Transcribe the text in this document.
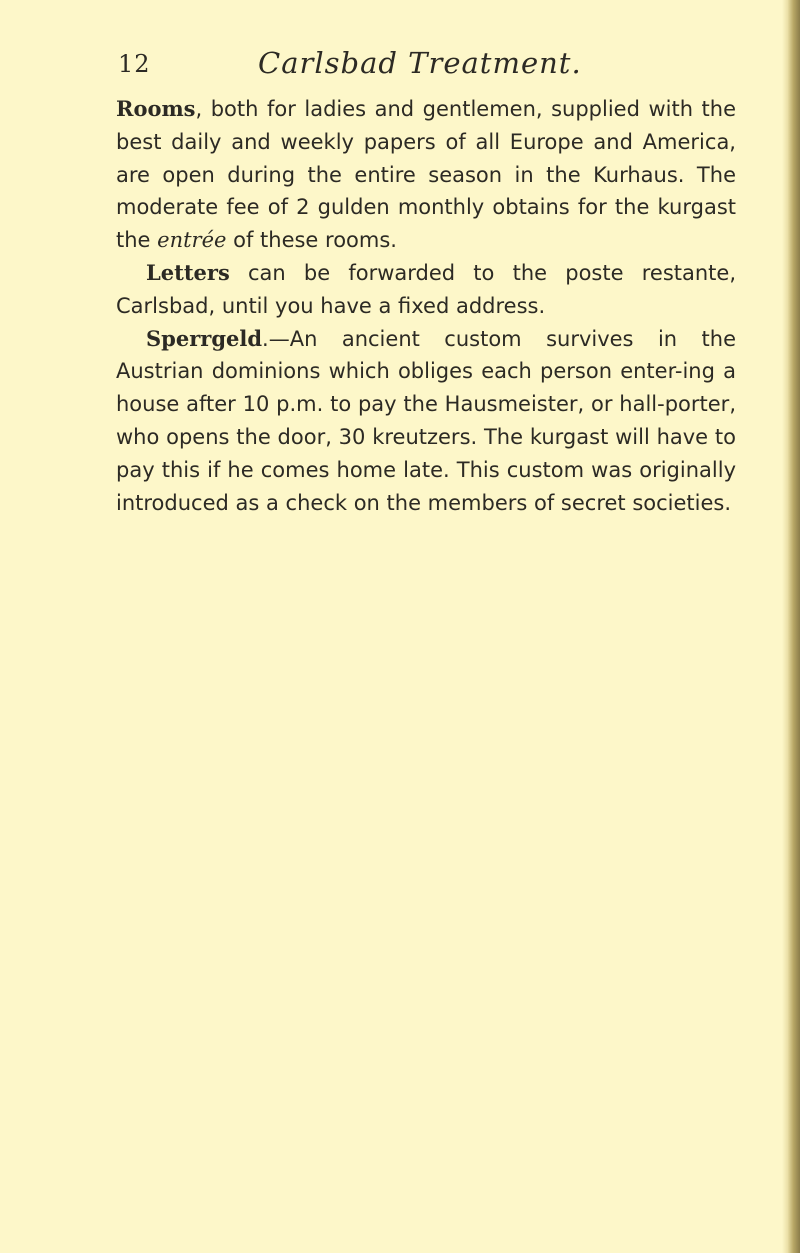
12	Carlsbad Treatment.

Rooms, both for ladies and gentlemen, supplied with the best daily and weekly papers of all Europe and America, are open during the entire season in the Kurhaus. The moderate fee of 2 gulden monthly obtains for the kurgast the entrée of these rooms.

Letters can be forwarded to the poste restante, Carlsbad, until you have a fixed address.

Sperrgeld.—An ancient custom survives in the Austrian dominions which obliges each person enter-ing a house after 10 p.m. to pay the Hausmeister, or hall-porter, who opens the door, 30 kreutzers. The kurgast will have to pay this if he comes home late. This custom was originally introduced as a check on the members of secret societies.
